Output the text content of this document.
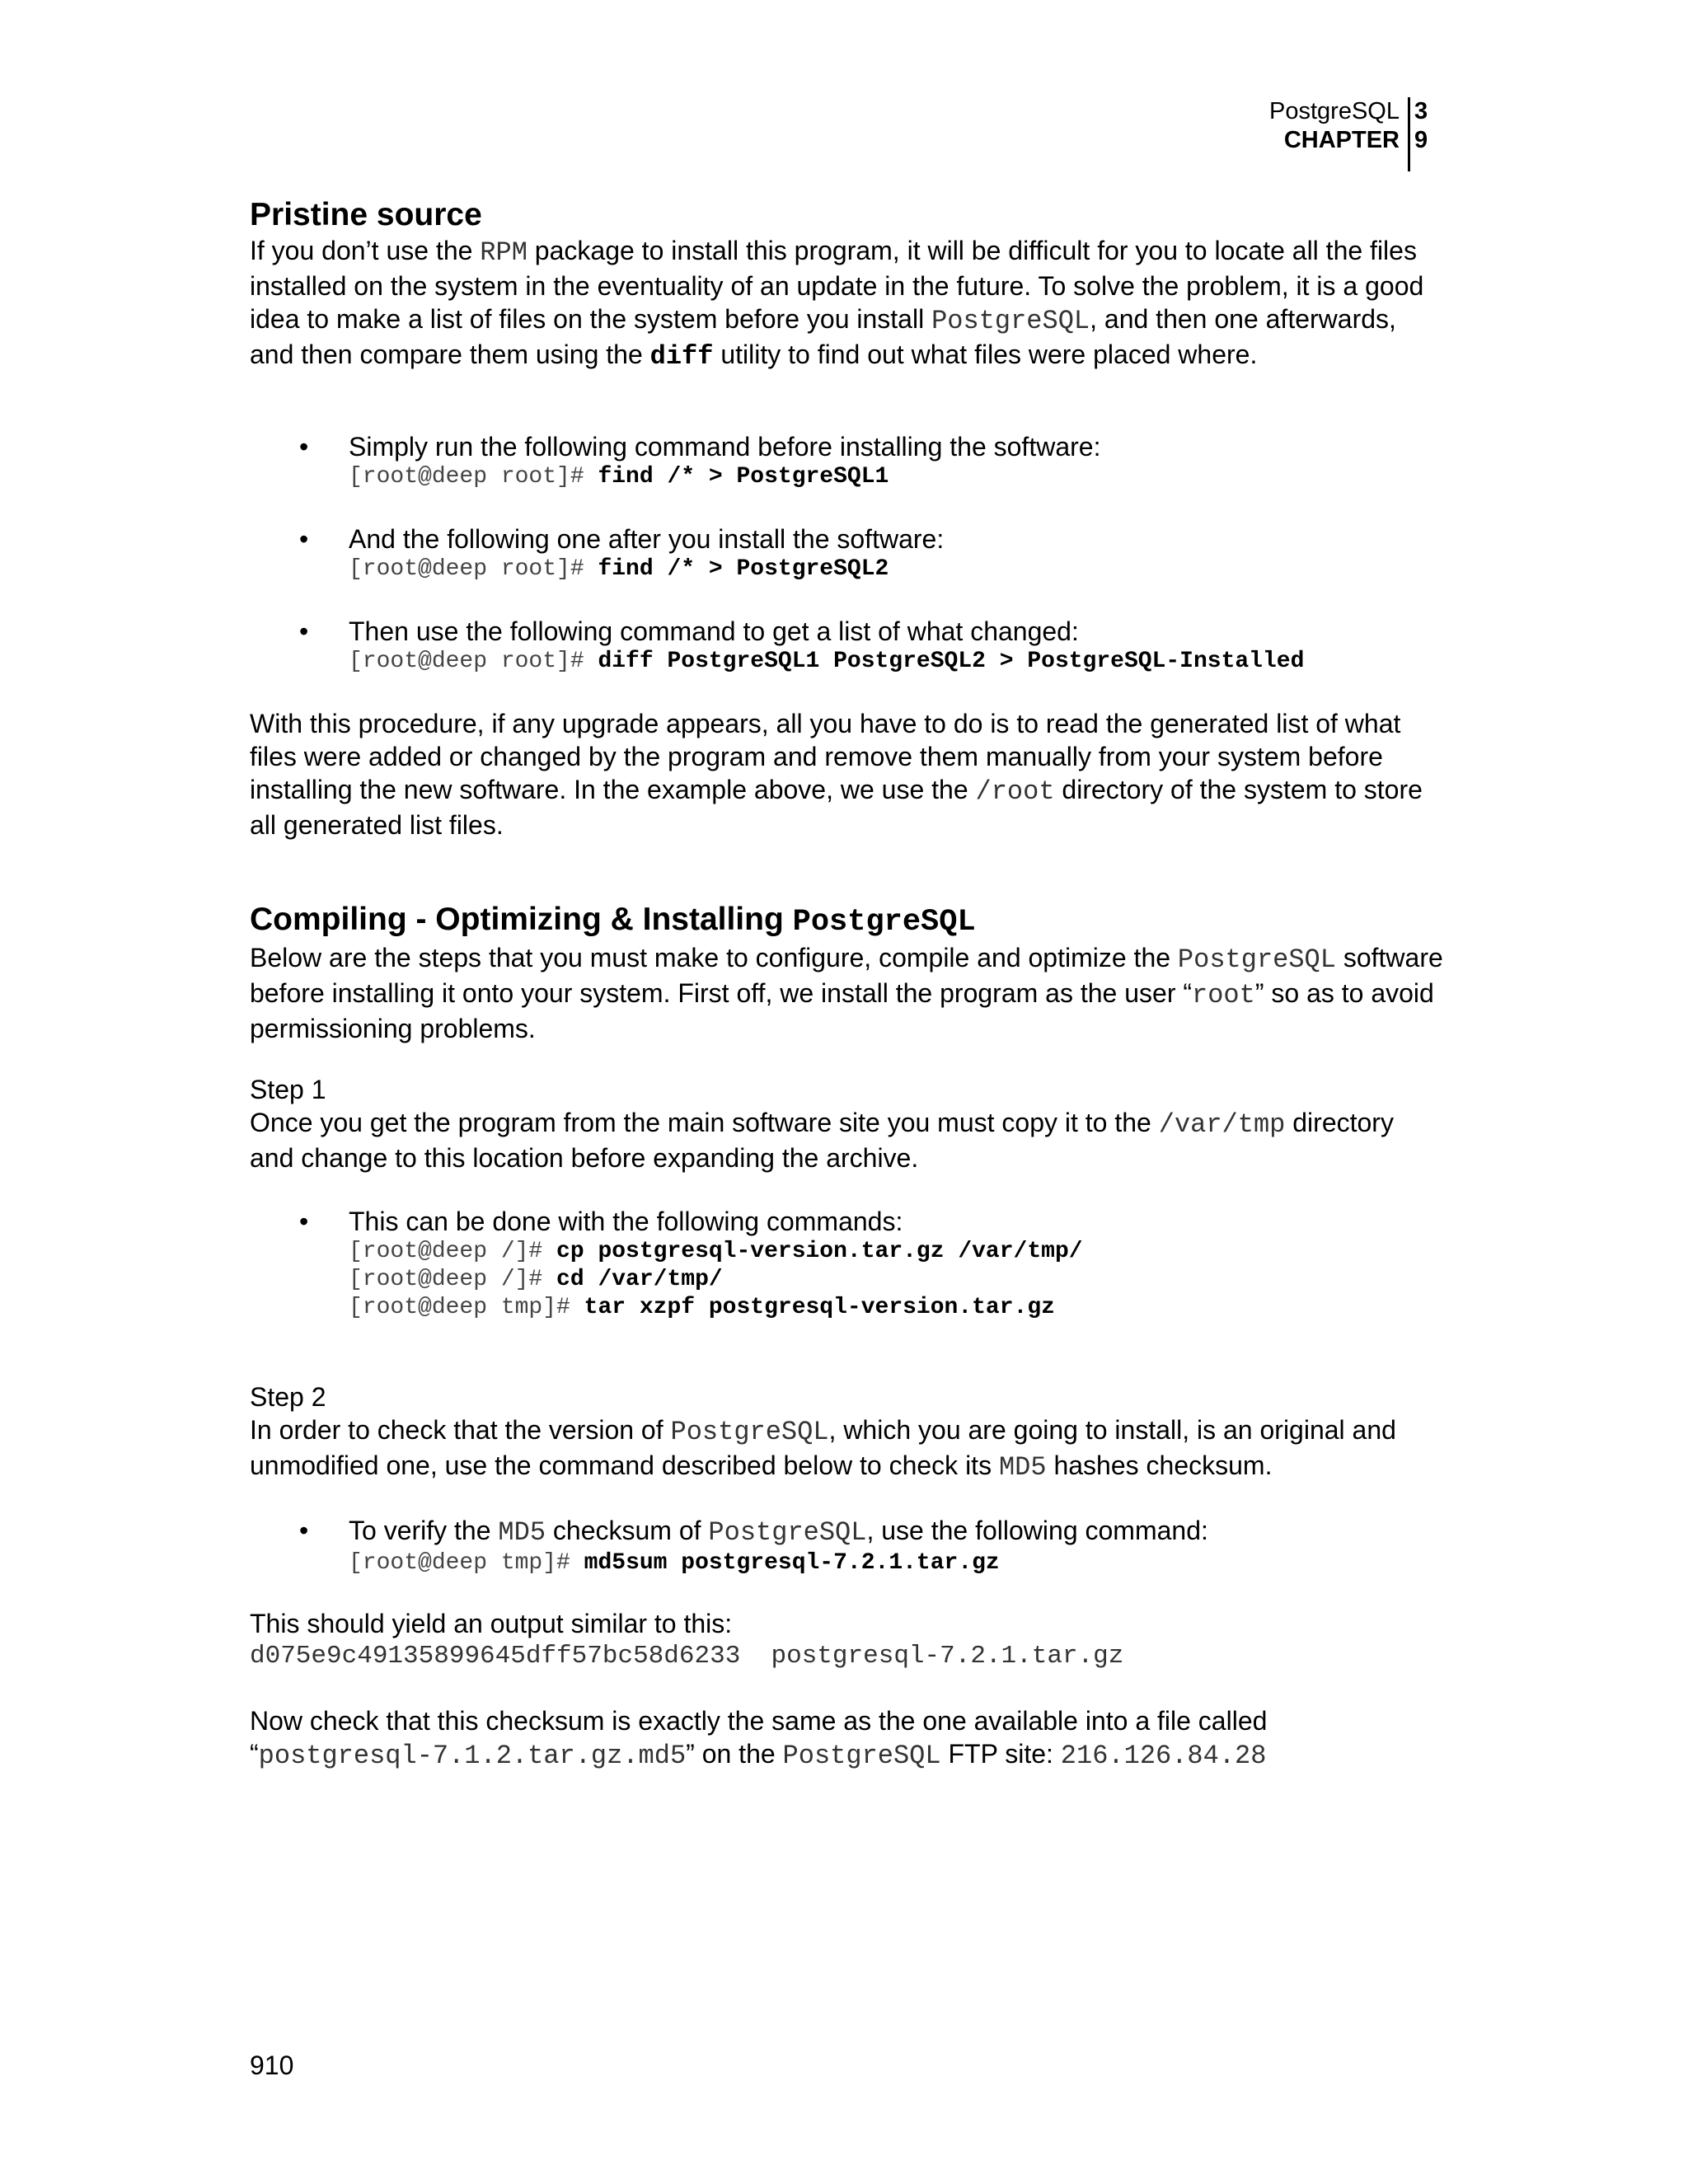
PostgreSQL 3
CHAPTER 9
Pristine source

If you don’t use the RPM package to install this program, it will be difficult for you to locate all the files installed on the system in the eventuality of an update in the future. To solve the problem, it is a good idea to make a list of files on the system before you install PostgreSQL, and then one afterwards, and then compare them using the diff utility to find out what files were placed where.

• Simply run the following command before installing the software:

[root@deep root]# find /* > PostgreSQL1
• And the following one after you install the software:

[root@deep root]# find /* > PostgreSQL2
• Then use the following command to get a list of what changed:

[root@deep root]# diff PostgreSQL1 PostgreSQL2 > PostgreSQL-Installed

With this procedure, if any upgrade appears, all you have to do is to read the generated list of what files were added or changed by the program and remove them manually from your system before installing the new software. In the example above, we use the /root directory of the system to store all generated list files.

Compiling - Optimizing & Installing PostgreSQL

Below are the steps that you must make to configure, compile and optimize the PostgreSQL software before installing it onto your system. First off, we install the program as the user “root” so as to avoid permissioning problems.

Step 1

Once you get the program from the main software site you must copy it to the /var/tmp directory and change to this location before expanding the archive.

• This can be done with the following commands:

[root@deep /]# cp postgresql-version.tar.gz /var/tmp/
[root@deep /]# cd /var/tmp/
[root@deep tmp]# tar xzpf postgresql-version.tar.gz

Step 2

In order to check that the version of PostgreSQL, which you are going to install, is an original and unmodified one, use the command described below to check its MD5 hashes checksum.

• To verify the MD5 checksum of PostgreSQL, use the following command:

[root@deep tmp]# md5sum postgresql-7.2.1.tar.gz

This should yield an output similar to this:

d075e9c49135899645dff57bc58d6233  postgresql-7.2.1.tar.gz

Now check that this checksum is exactly the same as the one available into a file called

“postgresql-7.1.2.tar.gz.md5” on the PostgreSQL FTP site: 216.126.84.28

910
